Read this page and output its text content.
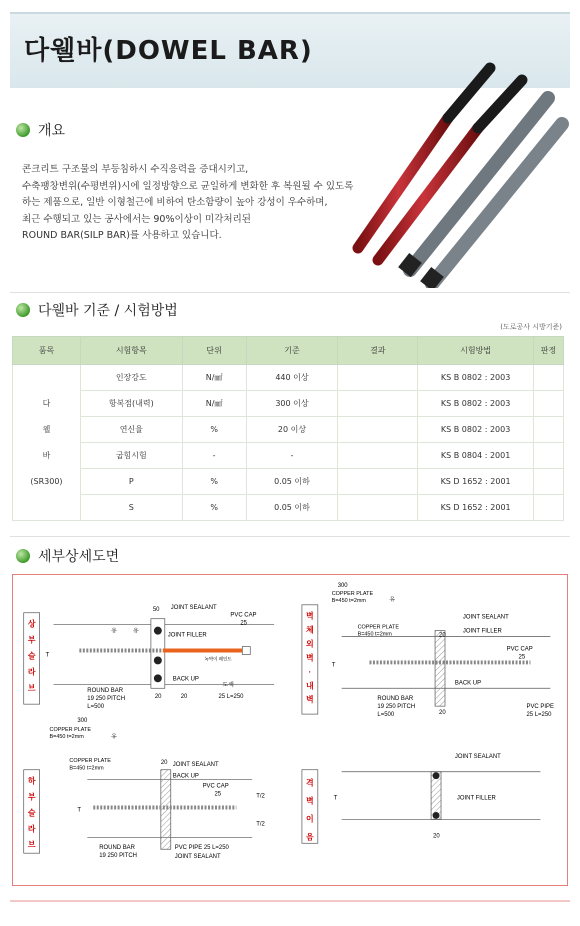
다웰바(DOWEL BAR)
개요
콘크리트 구조물의 부등침하시 수직응력을 증대시키고,
수축팽창변위(수평변위)시에 일정방향으로 균일하게 변화한 후 복원될 수 있도록
하는 제품으로, 일반 이형철근에 비하여 탄소함량이 높아 강성이 우수하며,
최근 수행되고 있는 공사에서는 90%이상이 미각처리된
ROUND BAR(SILP BAR)를 사용하고 있습니다.
다웰바 기준 / 시험방법
(도로공사 시방기준)
품목	시험항목	단위	기준	결과	시험방법	판정

다
웰
바
(SR300)	인장강도	N/㎟	440 이상		KS B 0802 : 2003	
	항복점(내력)	N/㎟	300 이상		KS B 0802 : 2003	
	연신율	%	20 이상		KS B 0802 : 2003	
	굽힘시험	-	-		KS B 0804 : 2001	
	P	%	0.05 이하		KS D 1652 : 2001	
	S	%	0.05 이하		KS D 1652 : 2001	
세부상세도면
상
부
슬
라
브
50 JOINT SEALANT
PVC CAP
25
JOINT FILLER
유	유
T
녹막이 페인트
도색
ROUND BAR
19 250 PITCH
L=500
BACK UP
20	20	25 L=250
벽
체
외
벽
·
내
벽
300
COPPER PLATE
B=450 t=2mm	유
JOINT SEALANT
20
JOINT FILLER
COPPER PLATE
B=450 t=2mm
PVC CAP
25
T
BACK UP
20
ROUND BAR
19 250 PITCH
L=500
PVC PIPE
25 L=250
하
부
슬
라
브
300
COPPER PLATE
B=450 t=2mm	유
COPPER PLATE
B=450 t=2mm
20 JOINT SEALANT
BACK UP
PVC CAP
25
T
T/2
T/2
ROUND BAR
19 250 PITCH
PVC PIPE 25 L=250
JOINT SEALANT
격
벽
이
음
JOINT SEALANT
JOINT FILLER
T
20
